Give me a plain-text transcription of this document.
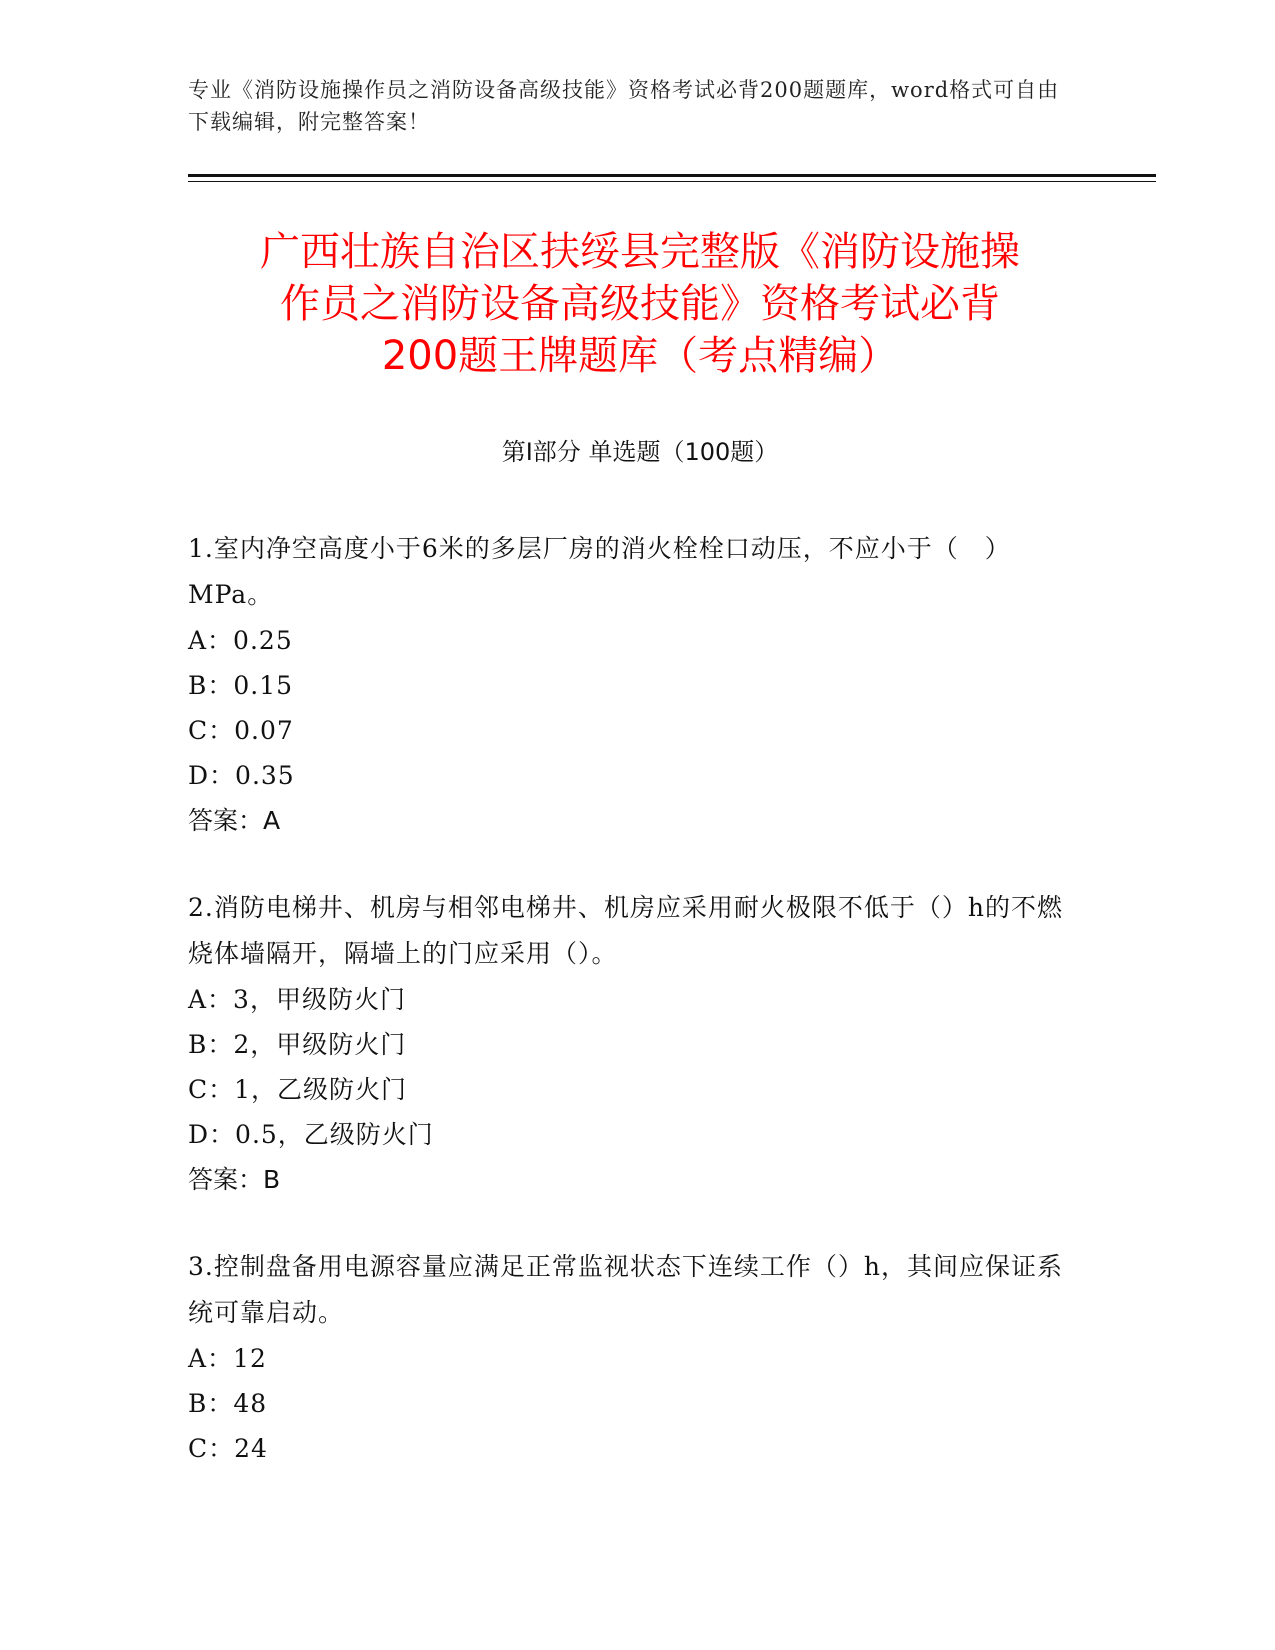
专业《消防设施操作员之消防设备高级技能》资格考试必背200题题库，word格式可自由下载编辑，附完整答案！
广西壮族自治区扶绥县完整版《消防设施操
作员之消防设备高级技能》资格考试必背
200题王牌题库（考点精编）
第Ⅰ部分 单选题（100题）

1.室内净空高度小于6米的多层厂房的消火栓栓口动压，不应小于（　）MPa。

A：0.25

B：0.15

C：0.07

D：0.35

答案：A

2.消防电梯井、机房与相邻电梯井、机房应采用耐火极限不低于（）h的不燃烧体墙隔开，隔墙上的门应采用（）。

A：3，甲级防火门

B：2，甲级防火门

C：1，乙级防火门

D：0.5，乙级防火门

答案：B

3.控制盘备用电源容量应满足正常监视状态下连续工作（）h，其间应保证系统可靠启动。

A：12

B：48

C：24
